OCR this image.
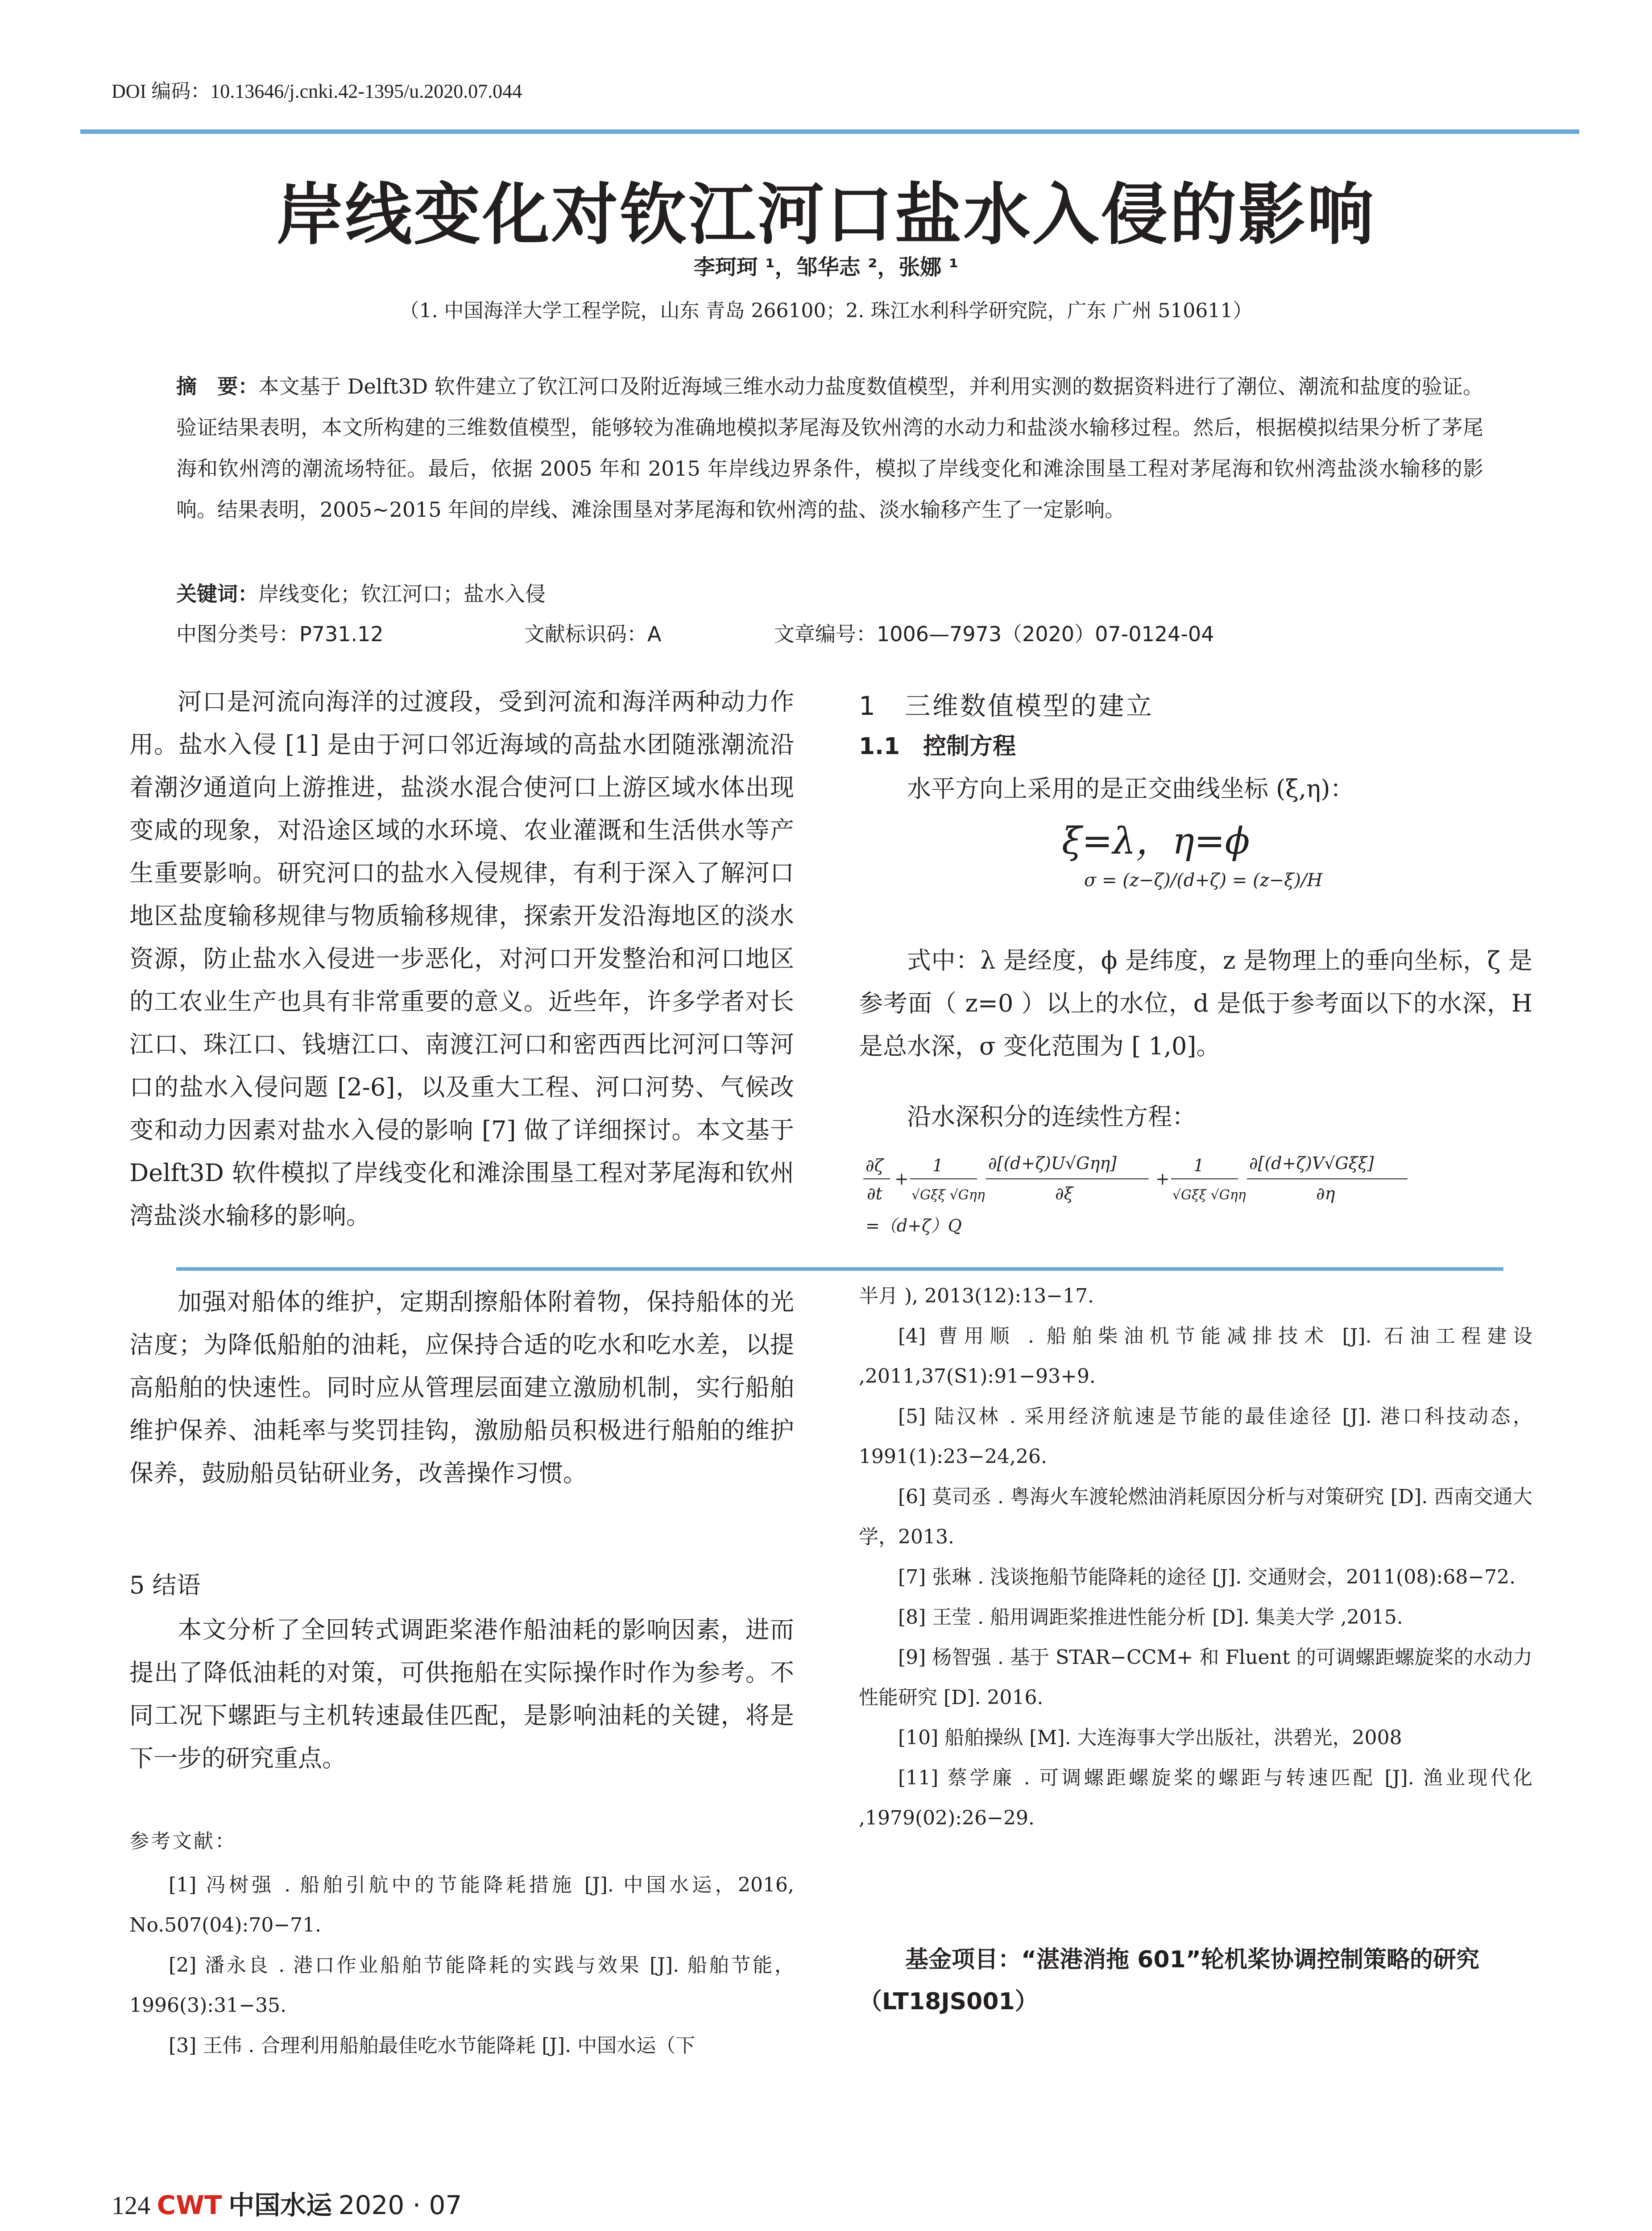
DOI 编码：10.13646/j.cnki.42-1395/u.2020.07.044
岸线变化对钦江河口盐水入侵的影响
李珂珂 ¹，邹华志 ²，张娜 ¹
（1. 中国海洋大学工程学院，山东 青岛 266100；2. 珠江水利科学研究院，广东 广州 510611）
摘　要：本文基于 Delft3D 软件建立了钦江河口及附近海域三维水动力盐度数值模型，并利用实测的数据资料进行了潮位、潮流和盐度的验证。验证结果表明，本文所构建的三维数值模型，能够较为准确地模拟茅尾海及钦州湾的水动力和盐淡水输移过程。然后，根据模拟结果分析了茅尾海和钦州湾的潮流场特征。最后，依据 2005 年和 2015 年岸线边界条件，模拟了岸线变化和滩涂围垦工程对茅尾海和钦州湾盐淡水输移的影响。结果表明，2005~2015 年间的岸线、滩涂围垦对茅尾海和钦州湾的盐、淡水输移产生了一定影响。
关键词：岸线变化；钦江河口；盐水入侵
中图分类号：P731.12	文献标识码：A	文章编号：1006—7973（2020）07-0124-04
河口是河流向海洋的过渡段，受到河流和海洋两种动力作用。盐水入侵 [1] 是由于河口邻近海域的高盐水团随涨潮流沿着潮汐通道向上游推进，盐淡水混合使河口上游区域水体出现变咸的现象，对沿途区域的水环境、农业灌溉和生活供水等产生重要影响。研究河口的盐水入侵规律，有利于深入了解河口地区盐度输移规律与物质输移规律，探索开发沿海地区的淡水资源，防止盐水入侵进一步恶化，对河口开发整治和河口地区的工农业生产也具有非常重要的意义。近些年，许多学者对长江口、珠江口、钱塘江口、南渡江河口和密西西比河河口等河口的盐水入侵问题 [2-6]，以及重大工程、河口河势、气候改变和动力因素对盐水入侵的影响 [7] 做了详细探讨。本文基于 Delft3D 软件模拟了岸线变化和滩涂围垦工程对茅尾海和钦州湾盐淡水输移的影响。
1　三维数值模型的建立
1.1　控制方程
水平方向上采用的是正交曲线坐标 (ξ,η)：
ξ=λ，η=ϕ
σ = (z−ζ)/(d+ζ) = (z−ξ)/H
式中：λ 是经度，ϕ 是纬度，z 是物理上的垂向坐标，ζ 是参考面（ z=0 ）以上的水位，d 是低于参考面以下的水深，H 是总水深，σ 变化范围为 [ 1,0]。
沿水深积分的连续性方程：
∂ζ
∂t
+
1
√Gξξ √Gηη
∂[(d+ζ)U√Gηη]
∂ξ
+
1
√Gξξ √Gηη
∂[(d+ζ)V√Gξξ]
∂η
=（d+ζ）Q
加强对船体的维护，定期刮擦船体附着物，保持船体的光洁度；为降低船舶的油耗，应保持合适的吃水和吃水差，以提高船舶的快速性。同时应从管理层面建立激励机制，实行船舶维护保养、油耗率与奖罚挂钩，激励船员积极进行船舶的维护保养，鼓励船员钻研业务，改善操作习惯。
5 结语
本文分析了全回转式调距桨港作船油耗的影响因素，进而提出了降低油耗的对策，可供拖船在实际操作时作为参考。不同工况下螺距与主机转速最佳匹配，是影响油耗的关键，将是下一步的研究重点。
参考文献：

[1] 冯树强 . 船舶引航中的节能降耗措施 [J]. 中国水运，2016, No.507(04):70−71.

[2] 潘永良 . 港口作业船舶节能降耗的实践与效果 [J]. 船舶节能，1996(3):31−35.

[3] 王伟 . 合理利用船舶最佳吃水节能降耗 [J]. 中国水运（下

半月 ), 2013(12):13−17.

[4] 曹用顺 . 船舶柴油机节能减排技术 [J]. 石油工程建设 ,2011,37(S1):91−93+9.

[5] 陆汉林 . 采用经济航速是节能的最佳途径 [J]. 港口科技动态，1991(1):23−24,26.

[6] 莫司丞 . 粤海火车渡轮燃油消耗原因分析与对策研究 [D]. 西南交通大学，2013.

[7] 张琳 . 浅谈拖船节能降耗的途径 [J]. 交通财会，2011(08):68−72.

[8] 王莹 . 船用调距桨推进性能分析 [D]. 集美大学 ,2015.

[9] 杨智强 . 基于 STAR−CCM+ 和 Fluent 的可调螺距螺旋桨的水动力性能研究 [D]. 2016.

[10] 船舶操纵 [M]. 大连海事大学出版社，洪碧光，2008

[11] 蔡学廉 . 可调螺距螺旋桨的螺距与转速匹配 [J]. 渔业现代化 ,1979(02):26−29.

基金项目：“湛港消拖 601”轮机桨协调控制策略的研究（LT18JS001）
124 CWT 中国水运 2020 · 07
